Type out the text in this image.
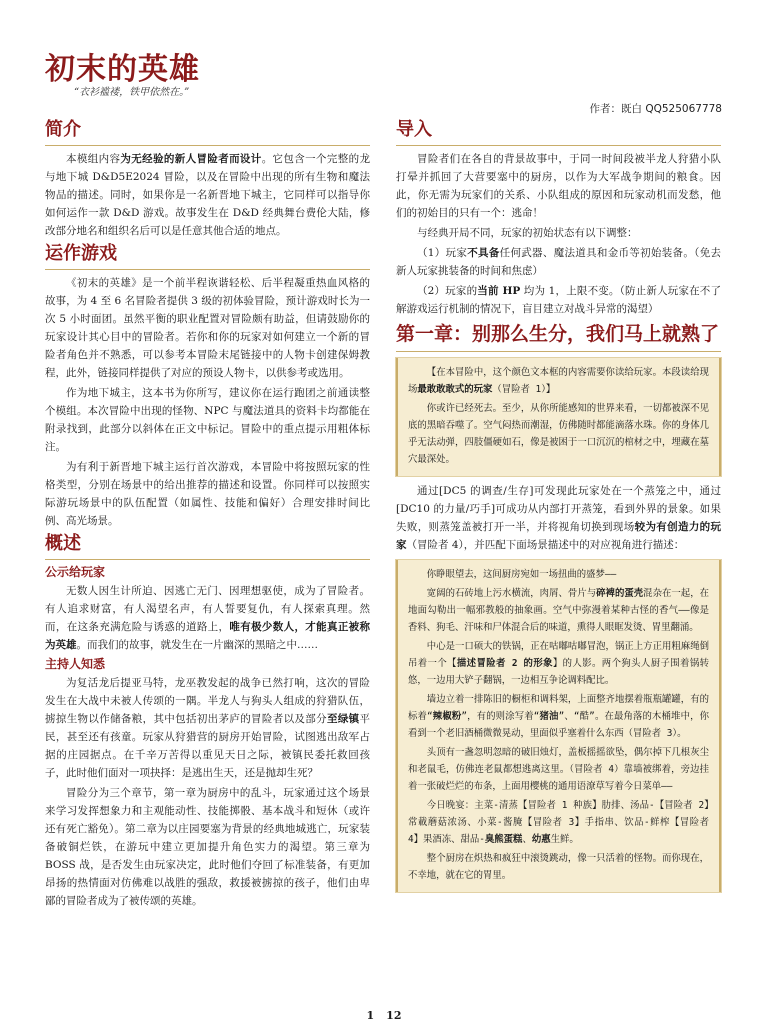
初末的英雄
“衣衫褴褛，铁甲依然在。”
作者：既白 QQ525067778
简介

本模组内容为无经验的新人冒险者而设计。它包含一个完整的龙与地下城 D&D5E2024 冒险，以及在冒险中出现的所有生物和魔法物品的描述。同时，如果你是一名新晋地下城主，它同样可以指导你如何运作一款 D&D 游戏。故事发生在 D&D 经典舞台费伦大陆，修改部分地名和组织名后可以是任意其他合适的地点。

运作游戏

《初末的英雄》是一个前半程诙谐轻松、后半程凝重热血风格的故事，为 4 至 6 名冒险者提供 3 级的初体验冒险，预计游戏时长为一次 5 小时面团。虽然平衡的职业配置对冒险颇有助益，但请鼓励你的玩家设计其心目中的冒险者。若你和你的玩家对如何建立一个新的冒险者角色并不熟悉，可以参考本冒险末尾链接中的人物卡创建保姆教程，此外，链接同样提供了对应的预设人物卡，以供参考或选用。

作为地下城主，这本书为你所写，建议你在运行跑团之前通读整个模组。本次冒险中出现的怪物、NPC 与魔法道具的资料卡均都能在附录找到，此部分以斜体在正文中标记。冒险中的重点提示用粗体标注。

为有利于新晋地下城主运行首次游戏，本冒险中将按照玩家的性格类型，分别在场景中的给出推荐的描述和设置。你同样可以按照实际游玩场景中的队伍配置（如属性、技能和偏好）合理安排时间比例、高光场景。

概述
公示给玩家

无数人因生计所迫、因逃亡无门、因理想驱使，成为了冒险者。有人追求财富，有人渴望名声，有人誓要复仇，有人探索真理。然而，在这条充满危险与诱惑的道路上，唯有极少数人，才能真正被称为英雄。而我们的故事，就发生在一片幽深的黑暗之中……

主持人知悉

为复活龙后提亚马特，龙巫教发起的战争已然打响，这次的冒险发生在大战中未被人传颂的一隅。半龙人与狗头人组成的狩猎队伍，掳掠生物以作储备粮，其中包括初出茅庐的冒险者以及部分至绿镇平民，甚至还有孩童。玩家从狩猎营的厨房开始冒险，试图逃出敌军占据的庄园据点。在千辛万苦得以重见天日之际，被镇民委托救回孩子，此时他们面对一项抉择：是逃出生天，还是抛却生死？

冒险分为三个章节，第一章为厨房中的乱斗，玩家通过这个场景来学习发挥想象力和主观能动性、技能掷骰、基本战斗和短休（或许还有死亡豁免）。第二章为以庄园要塞为背景的经典地城逃亡，玩家装备破铜烂铁，在游玩中建立更加提升角色实力的渴望。第三章为 BOSS 战，是否发生由玩家决定，此时他们夺回了标准装备，有更加昂扬的热情面对仿佛难以战胜的强敌，救援被掳掠的孩子，他们由卑鄙的冒险者成为了被传颂的英雄。

导入

冒险者们在各自的背景故事中，于同一时间段被半龙人狩猎小队打晕并抓回了大营要塞中的厨房，以作为大军战争期间的粮食。因此，你无需为玩家们的关系、小队组成的原因和玩家动机而发愁，他们的初始目的只有一个：逃命！

与经典开局不同，玩家的初始状态有以下调整：

（1）玩家不具备任何武器、魔法道具和金币等初始装备。（免去新人玩家挑装备的时间和焦虑）

（2）玩家的当前 HP 均为 1，上限不变。（防止新人玩家在不了解游戏运行机制的情况下，盲目建立对战斗异常的渴望）

第一章：别那么生分，我们马上就熟了

【在本冒险中，这个颜色文本框的内容需要你读给玩家。本段读给现场最敢敢敢式的玩家（冒险者 1）】

你或许已经死去。至少，从你所能感知的世界来看，一切都被深不见底的黑暗吞噬了。空气闷热而潮湿，仿佛随时都能滴落水珠。你的身体几乎无法动弹，四肢僵硬如石，像是被困于一口沉沉的棺材之中，埋藏在墓穴最深处。

通过[DC5 的调查/生存]可发现此玩家处在一个蒸笼之中，通过[DC10 的力量/巧手]可成功从内部打开蒸笼，看到外界的景象。如果失败，则蒸笼盖被打开一半，并将视角切换到现场较为有创造力的玩家（冒险者 4），并匹配下面场景描述中的对应视角进行描述：

你睁眼望去，这间厨房宛如一场扭曲的盛梦——

宽阔的石砖地上污水横流，肉屑、骨片与碎裨的蛋壳混杂在一起，在地面勾勒出一幅邪教般的抽象画。空气中弥漫着某种古怪的香气——像是香料、狗毛、汗味和尸体混合后的味道，熏得人眼眶发烫、胃里翻涌。

中心是一口硕大的铁锅，正在咕嘟咕嘟冒泡，锅正上方正用粗麻绳倒吊着一个【描述冒险者 2 的形象】的人影。两个狗头人厨子围着锅转悠，一边用大铲子翻锅，一边相互争论调料配比。

墙边立着一排陈旧的橱柜和调料架，上面整齐地摆着瓶瓶罐罐，有的标着“辣椒粉”，有的则涂写着“猪油”、“酷”。在最角落的木桶堆中，你看到一个老旧酒桶微微晃动，里面似乎塞着什么东西（冒险者 3）。

头顶有一盏忽明忽暗的破旧烛灯，盖板摇摇欲坠，偶尔掉下几根灰尘和老鼠毛，仿佛连老鼠都想逃离这里。（冒险者 4）靠墙被绑着，旁边挂着一张破烂烂的布条，上面用樱桃的通用语潦草写着今日菜单——

今日晚宴：主菜-清蒸【冒险者 1 种族】肋排、汤品-【冒险者 2】常載蘑菇浓汤、小菜-酱腌【冒险者 3】手指串、饮品-鲜榨【冒险者 4】果酒冻、甜品-臭熊蛋糕、幼惠生鲜。

整个厨房在炽热和疯狂中滚烫跳动，像一只活着的怪物。而你现在，不幸地，就在它的胃里。

1 12
